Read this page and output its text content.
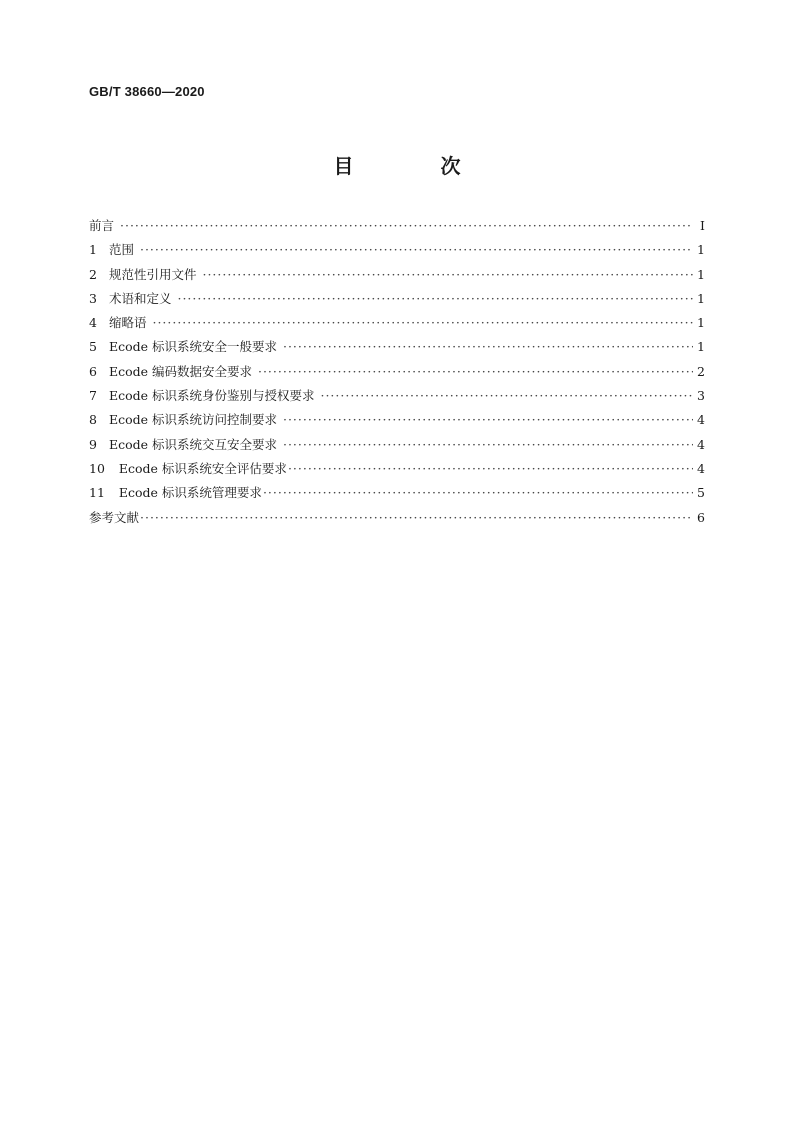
GB/T 38660—2020
目 次
前言 ·····	Ⅰ
1 范围 ·····	1
2 规范性引用文件 ·····	1
3 术语和定义 ·····	1
4 缩略语 ·····	1
5 Ecode 标识系统安全一般要求 ·····	1
6 Ecode 编码数据安全要求 ·····	2
7 Ecode 标识系统身份鉴别与授权要求 ·····	3
8 Ecode 标识系统访问控制要求 ·····	4
9 Ecode 标识系统交互安全要求 ·····	4
10 Ecode 标识系统安全评估要求 ·····	4
11 Ecode 标识系统管理要求 ·····	5
参考文献 ·····	6
